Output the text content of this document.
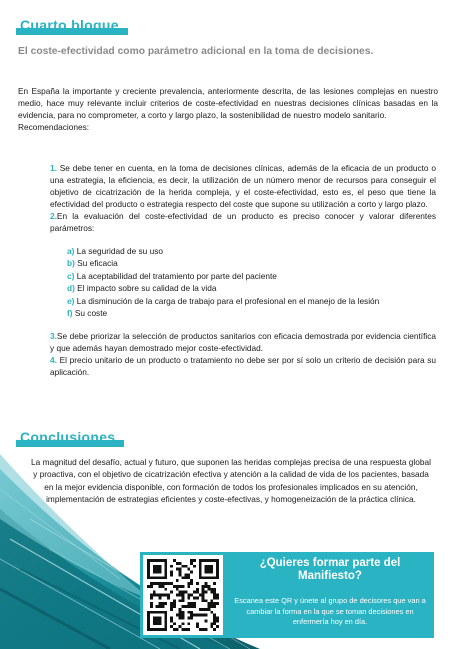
Cuarto bloque

El coste-efectividad como parámetro adicional en la toma de decisiones.

En España la importante y creciente prevalencia, anteriormente descrita, de las lesiones complejas en nuestro medio, hace muy relevante incluir criterios de coste-efectividad en nuestras decisiones clínicas basadas en la evidencia, para no comprometer, a corto y largo plazo, la sostenibilidad de nuestro modelo sanitario.
Recomendaciones:

1. Se debe tener en cuenta, en la toma de decisiones clínicas, además de la eficacia de un producto o una estrategia, la eficiencia, es decir, la utilización de un número menor de recursos para conseguir el objetivo de cicatrización de la herida compleja, y el coste-efectividad, esto es, el peso que tiene la efectividad del producto o estrategia respecto del coste que supone su utilización a corto y largo plazo.

2.En la evaluación del coste-efectividad de un producto es preciso conocer y valorar diferentes parámetros:

a) La seguridad de su uso
b) Su eficacia
c) La aceptabilidad del tratamiento por parte del paciente
d) El impacto sobre su calidad de la vida
e) La disminución de la carga de trabajo para el profesional en el manejo de la lesión
f) Su coste

3.Se debe priorizar la selección de productos sanitarios con eficacia demostrada por evidencia científica y que además hayan demostrado mejor coste-efectividad.

4. El precio unitario de un producto o tratamiento no debe ser por sí solo un criterio de decisión para su aplicación.

Conclusiones

La magnitud del desafío, actual y futuro, que suponen las heridas complejas precisa de una respuesta global y proactiva, con el objetivo de cicatrización efectiva y atención a la calidad de vida de los pacientes, basada en la mejor evidencia disponible, con formación de todos los profesionales implicados en su atención, implementación de estrategias eficientes y coste-efectivas, y homogeneización de la práctica clínica.

¿Quieres formar parte del Manifiesto?

Escanea este QR y únete al grupo de decisores que van a cambiar la forma en la que se toman decisiones en enfermería hoy en día.
